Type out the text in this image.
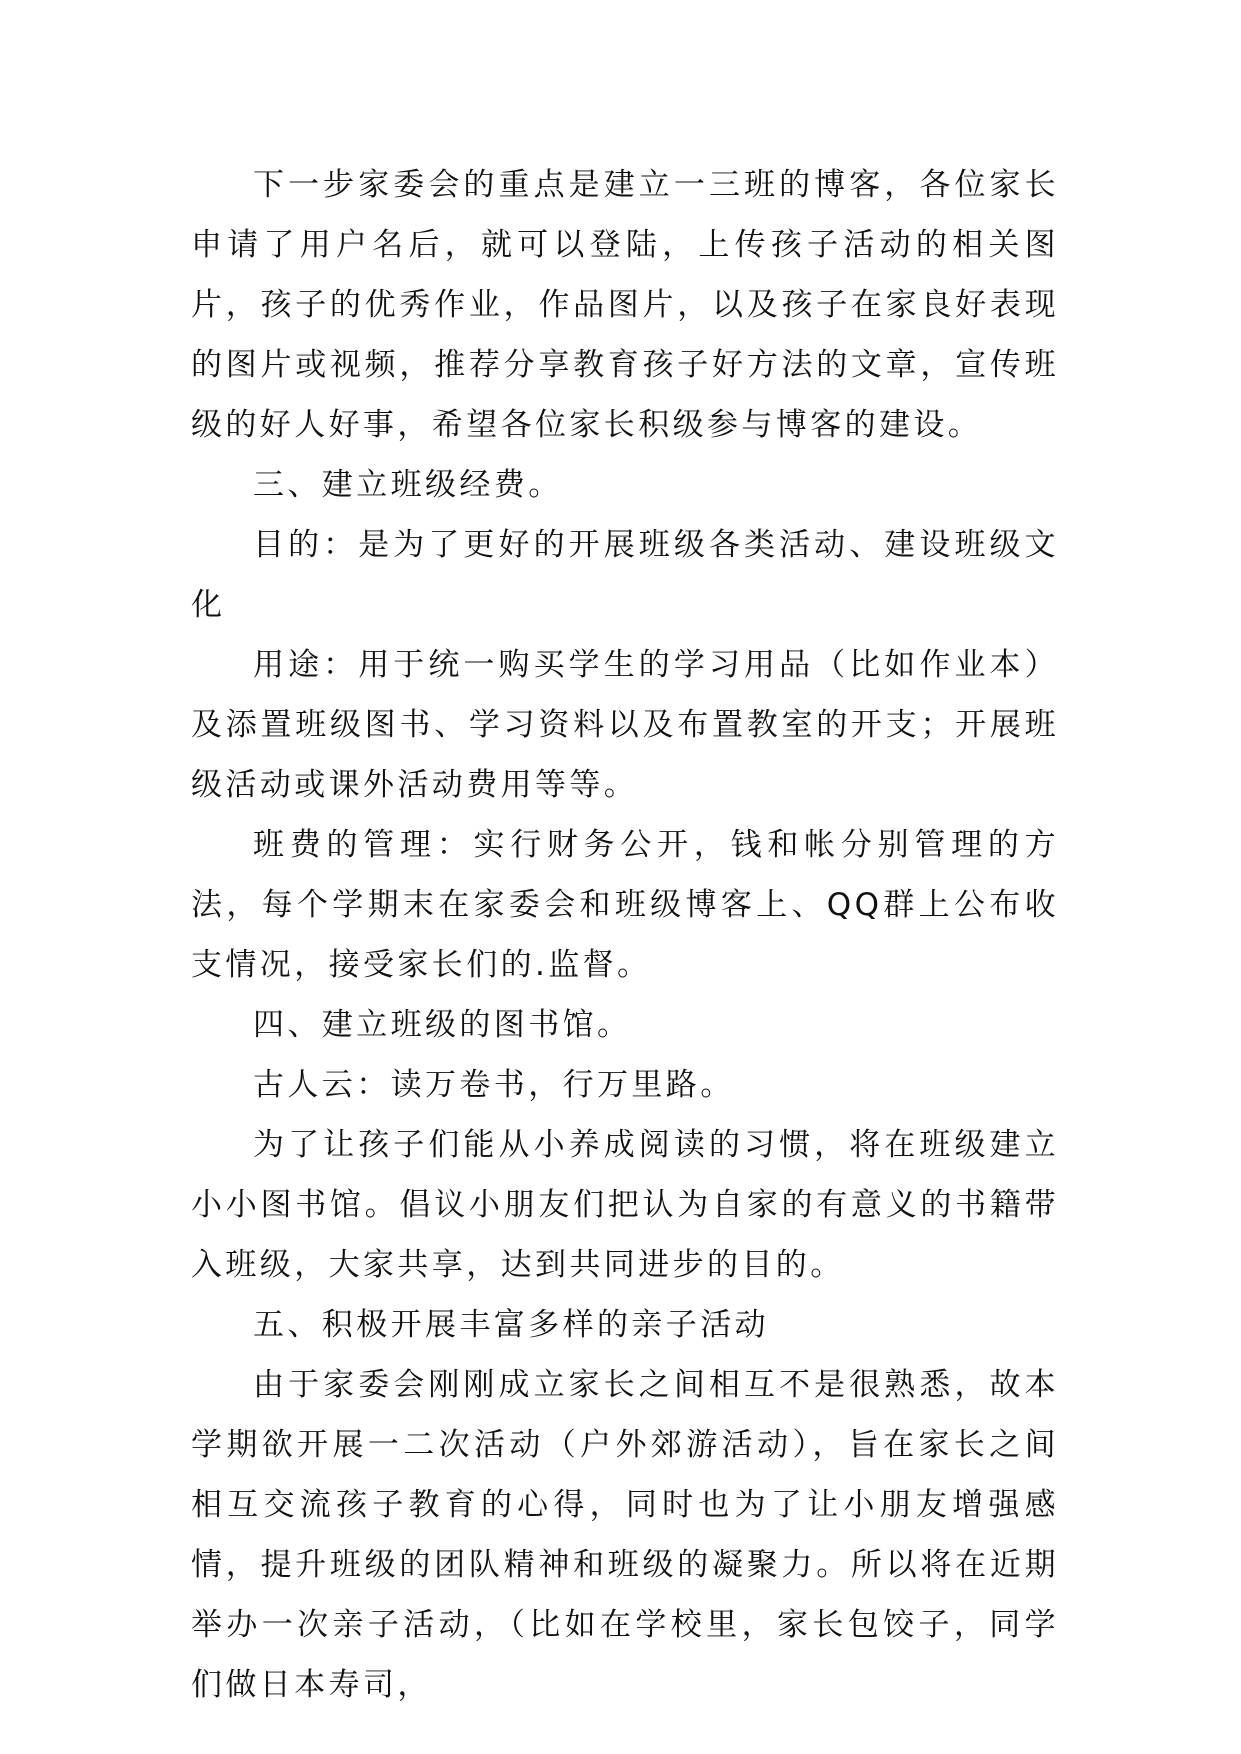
下一步家委会的重点是建立一三班的博客，各位家长申请了用户名后，就可以登陆，上传孩子活动的相关图片，孩子的优秀作业，作品图片，以及孩子在家良好表现的图片或视频，推荐分享教育孩子好方法的文章，宣传班级的好人好事，希望各位家长积级参与博客的建设。

三、建立班级经费。

目的：是为了更好的开展班级各类活动、建设班级文化

用途：用于统一购买学生的学习用品（比如作业本）及添置班级图书、学习资料以及布置教室的开支；开展班级活动或课外活动费用等等。

班费的管理：实行财务公开，钱和帐分别管理的方法，每个学期末在家委会和班级博客上、QQ群上公布收支情况，接受家长们的.监督。

四、建立班级的图书馆。

古人云：读万卷书，行万里路。

为了让孩子们能从小养成阅读的习惯，将在班级建立小小图书馆。倡议小朋友们把认为自家的有意义的书籍带入班级，大家共享，达到共同进步的目的。

五、积极开展丰富多样的亲子活动

由于家委会刚刚成立家长之间相互不是很熟悉，故本学期欲开展一二次活动（户外郊游活动），旨在家长之间相互交流孩子教育的心得，同时也为了让小朋友增强感情，提升班级的团队精神和班级的凝聚力。所以将在近期举办一次亲子活动，（比如在学校里，家长包饺子，同学们做日本寿司，
